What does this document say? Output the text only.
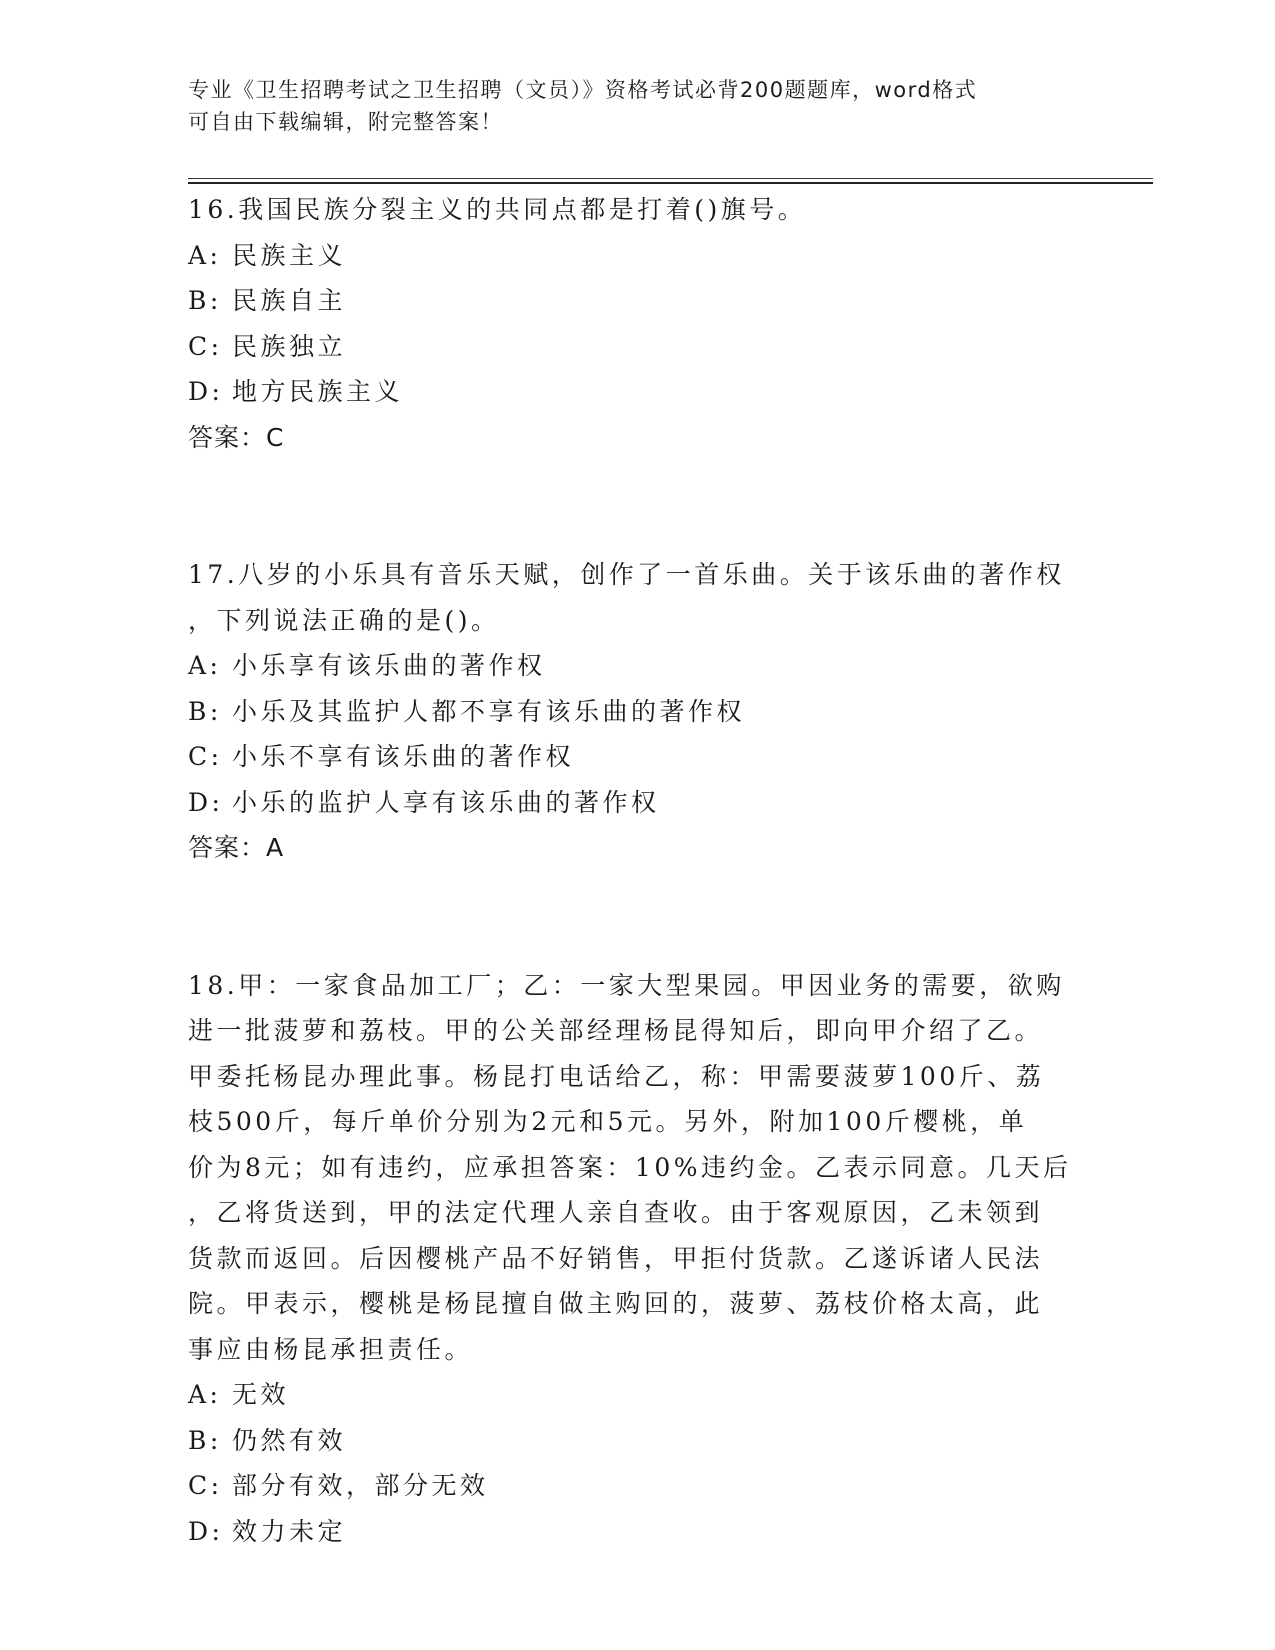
专业《卫生招聘考试之卫生招聘（文员）》资格考试必背200题题库，word格式
可自由下载编辑，附完整答案！

16.我国民族分裂主义的共同点都是打着()旗号。

A: 民族主义

B: 民族自主

C: 民族独立

D: 地方民族主义

答案：C

17.八岁的小乐具有音乐天赋，创作了一首乐曲。关于该乐曲的著作权

，下列说法正确的是()。

A: 小乐享有该乐曲的著作权

B: 小乐及其监护人都不享有该乐曲的著作权

C: 小乐不享有该乐曲的著作权

D: 小乐的监护人享有该乐曲的著作权

答案：A

18.甲：一家食品加工厂；乙：一家大型果园。甲因业务的需要，欲购

进一批菠萝和荔枝。甲的公关部经理杨昆得知后，即向甲介绍了乙。

甲委托杨昆办理此事。杨昆打电话给乙，称：甲需要菠萝100斤、荔

枝500斤，每斤单价分别为2元和5元。另外，附加100斤樱桃，单

价为8元；如有违约，应承担答案：10%违约金。乙表示同意。几天后

，乙将货送到，甲的法定代理人亲自查收。由于客观原因，乙未领到

货款而返回。后因樱桃产品不好销售，甲拒付货款。乙遂诉诸人民法

院。甲表示，樱桃是杨昆擅自做主购回的，菠萝、荔枝价格太高，此

事应由杨昆承担责任。

A: 无效

B: 仍然有效

C: 部分有效，部分无效

D: 效力未定
